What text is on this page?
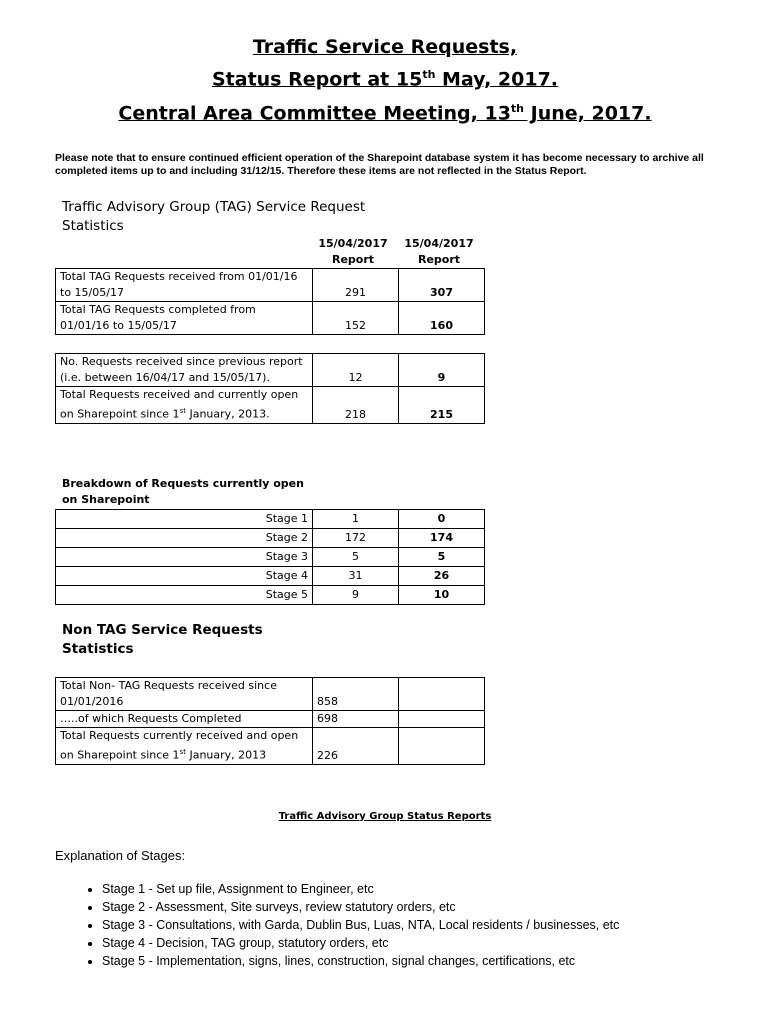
Traffic Service Requests,
Status Report at 15th May, 2017.
Central Area Committee Meeting, 13th June, 2017.
Please note that to ensure continued efficient operation of the Sharepoint database system it has become necessary to archive all completed items up to and including 31/12/15. Therefore these items are not reflected in the Status Report.
Traffic Advisory Group (TAG) Service Request
Statistics
15/04/2017
Report
15/04/2017
Report
Total TAG Requests received from 01/01/16 to 15/05/17	291	307
Total TAG Requests completed from 01/01/16 to 15/05/17	152	160
No. Requests received since previous report (i.e. between 16/04/17 and 15/05/17).	12	9
Total Requests received and currently open on Sharepoint since 1st January, 2013.	218	215
Breakdown of Requests currently open
on Sharepoint
Stage 1	1	0
Stage 2	172	174
Stage 3	5	5
Stage 4	31	26
Stage 5	9	10
Non TAG Service Requests
Statistics
Total Non- TAG Requests received since 01/01/2016	858	
…..of which Requests Completed	698	
Total Requests currently received and open on Sharepoint since 1st January, 2013	226	
Traffic Advisory Group Status Reports
Explanation of Stages:
• Stage 1 - Set up file, Assignment to Engineer, etc
• Stage 2 - Assessment, Site surveys, review statutory orders, etc
• Stage 3 - Consultations, with Garda, Dublin Bus, Luas, NTA, Local residents / businesses, etc
• Stage 4 - Decision, TAG group, statutory orders, etc
• Stage 5 - Implementation, signs, lines, construction, signal changes, certifications, etc
